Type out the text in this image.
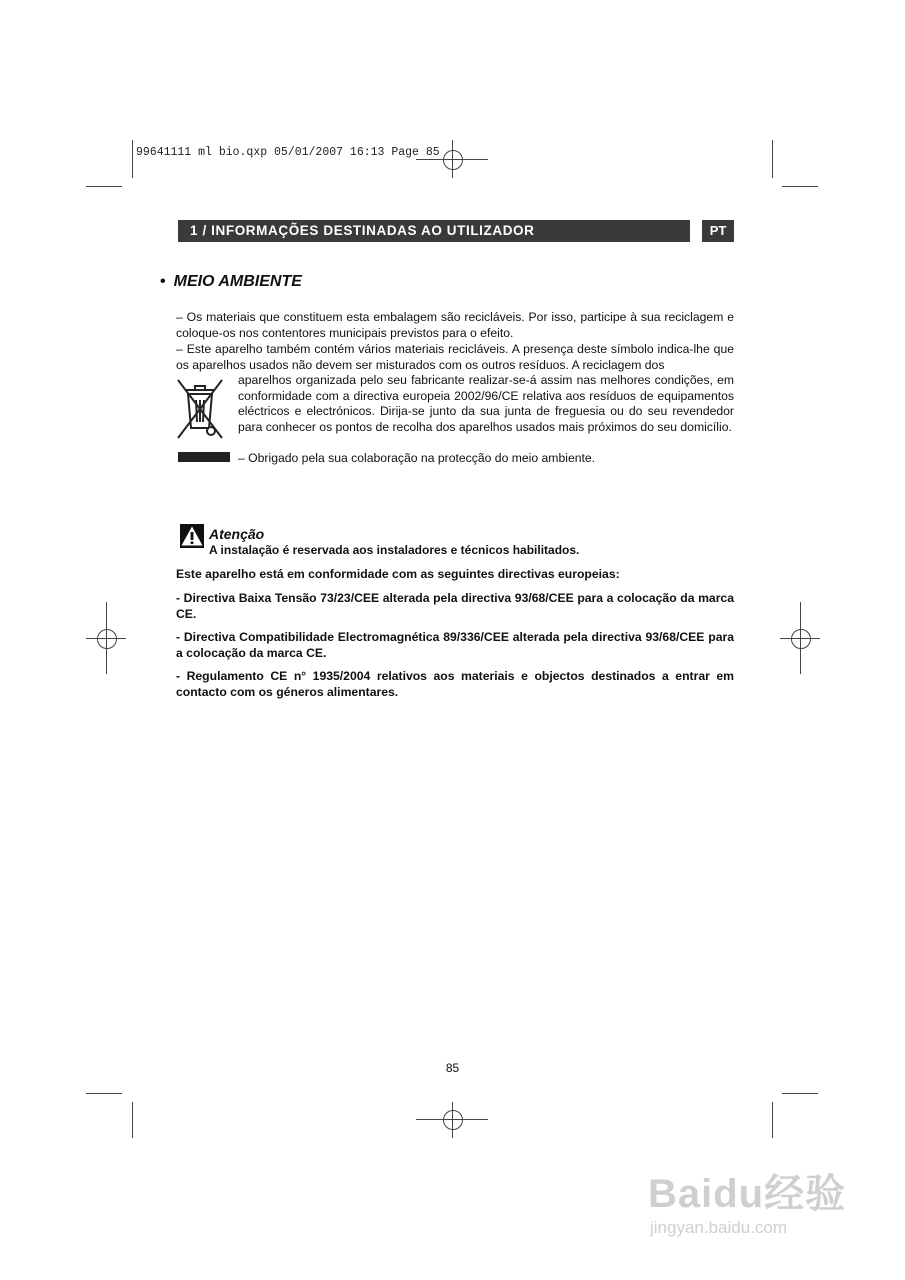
99641111 ml bio.qxp 05/01/2007 16:13 Page 85
1 / INFORMAÇÕES DESTINADAS AO UTILIZADOR	PT
• MEIO AMBIENTE
– Os materiais que constituem esta embalagem são recicláveis. Por isso, participe à sua reciclagem e coloque-os nos contentores municipais previstos para o efeito.
– Este aparelho também contém vários materiais recicláveis. A presença deste símbolo indica-lhe que os aparelhos usados não devem ser misturados com os outros resíduos. A reciclagem dos
aparelhos organizada pelo seu fabricante realizar-se-á assim nas melhores condições, em conformidade com a directiva europeia 2002/96/CE relativa aos resíduos de equipamentos eléctricos e electrónicos. Dirija-se junto da sua junta de freguesia ou do seu revendedor para conhecer os pontos de recolha dos aparelhos usados mais próximos do seu domicílio.
– Obrigado pela sua colaboração na protecção do meio ambiente.
Atenção
A instalação é reservada aos instaladores e técnicos habilitados.
Este aparelho está em conformidade com as seguintes directivas europeias:
- Directiva Baixa Tensão 73/23/CEE alterada pela directiva 93/68/CEE para a colocação da marca CE.
- Directiva Compatibilidade Electromagnética 89/336/CEE alterada pela directiva 93/68/CEE para a colocação da marca CE.
- Regulamento CE n° 1935/2004 relativos aos materiais e objectos destinados a entrar em contacto com os géneros alimentares.
85
Baidu经验
jingyan.baidu.com
